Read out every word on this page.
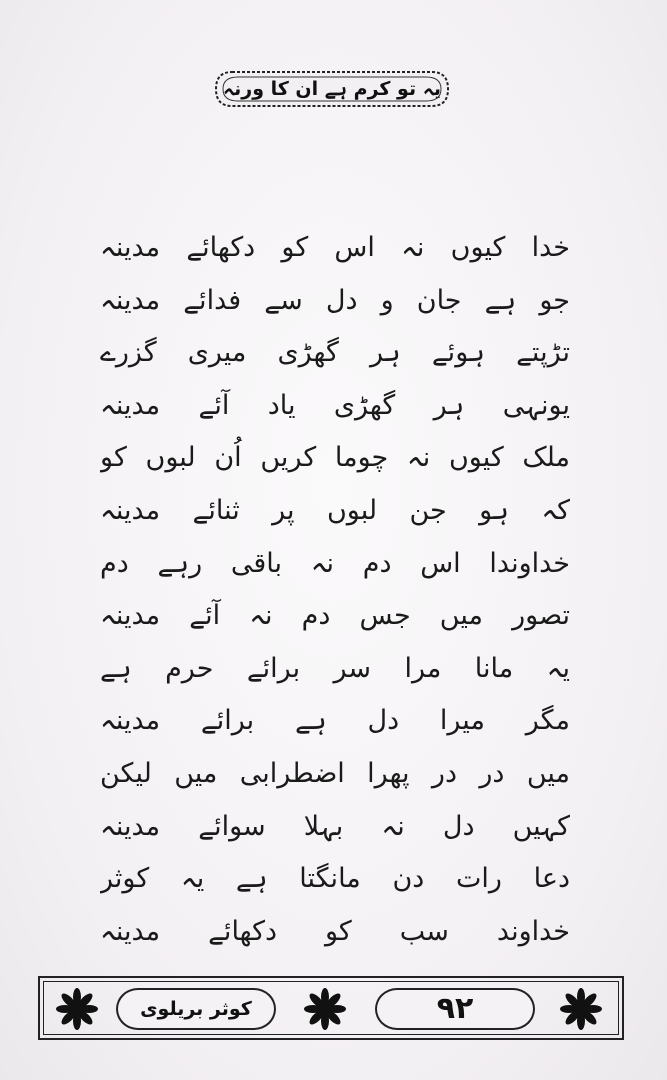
یہ تو کرم ہے ان کا ورنہ
خدا کیوں نہ اس کو دکھائے مدینہ
جو ہے جان و دل سے فدائے مدینہ
تڑپتے ہوئے ہر گھڑی میری گزرے
یونہی ہر گھڑی یاد آئے مدینہ
ملک کیوں نہ چوما کریں اُن لبوں کو
کہ ہو جن لبوں پر ثنائے مدینہ
خداوندا اس دم نہ باقی رہے دم
تصور میں جس دم نہ آئے مدینہ
یہ مانا مرا سر برائے حرم ہے
مگر میرا دل ہے برائے مدینہ
میں در در پھرا اضطرابی میں لیکن
کہیں دل نہ بہلا سوائے مدینہ
دعا رات دن مانگتا ہے یہ کوثر
خداوند سب کو دکھائے مدینہ
کوثر بریلوی	۹۲
